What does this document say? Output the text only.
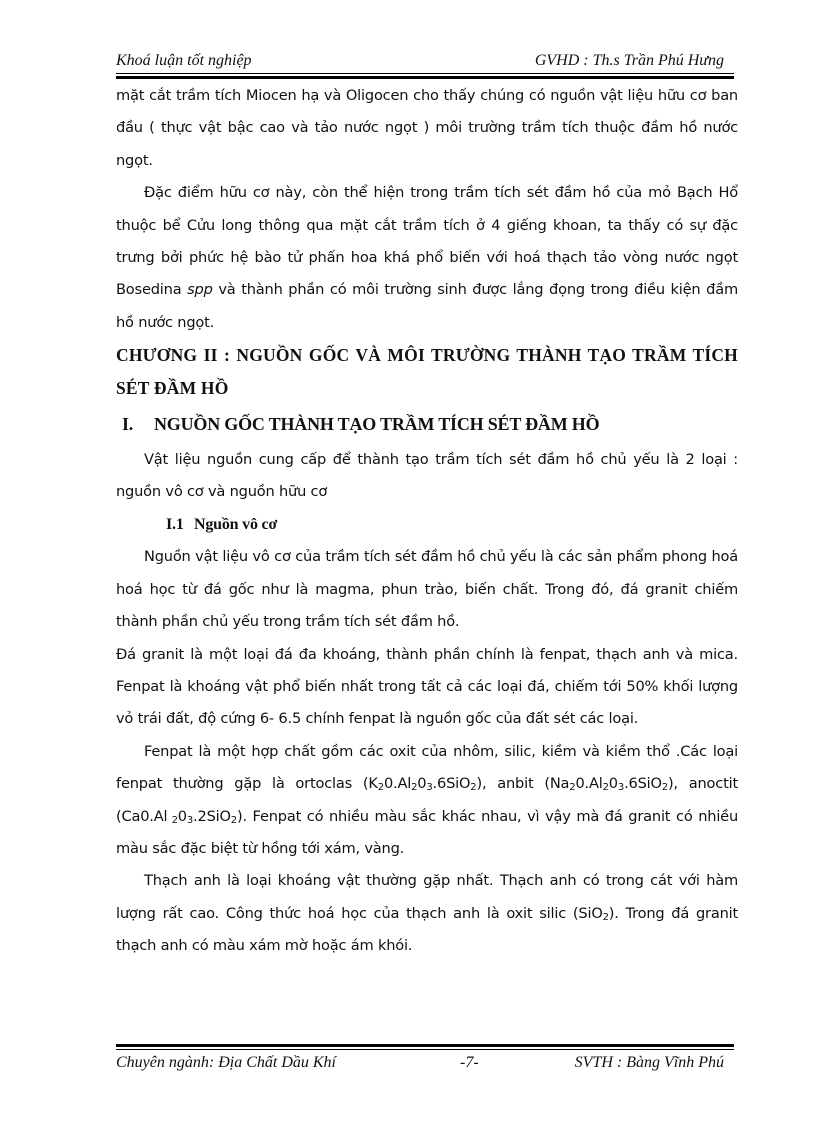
Khoá luận tốt nghiệp	GVHD : Th.s Trần Phú Hưng

mặt cắt trầm tích Miocen hạ và Oligocen cho thấy chúng có nguồn vật liệu hữu cơ ban đầu ( thực vật bậc cao và tảo nước ngọt ) môi trường trầm tích thuộc đầm hồ nước ngọt.

Đặc điểm hữu cơ này, còn thể hiện trong trầm tích sét đầm hồ của mỏ Bạch Hổ thuộc bể Cửu long thông qua mặt cắt trầm tích ở 4 giếng khoan, ta thấy có sự đặc trưng bởi phức hệ bào tử phấn hoa khá phổ biến với hoá thạch tảo vòng nước ngọt Bosedina spp và thành phần có môi trường sinh được lắng đọng trong điều kiện đầm hồ nước ngọt.

CHƯƠNG II : NGUỒN GỐC VÀ MÔI TRƯỜNG THÀNH TẠO TRẦM TÍCH SÉT ĐẦM HỒ

I. NGUỒN GỐC THÀNH TẠO TRẦM TÍCH SÉT ĐẦM HỒ

Vật liệu nguồn cung cấp để thành tạo trầm tích sét đầm hồ chủ yếu là 2 loại : nguồn vô cơ và nguồn hữu cơ

I.1 Nguồn vô cơ

Nguồn vật liệu vô cơ của trầm tích sét đầm hồ chủ yếu là các sản phẩm phong hoá hoá học từ đá gốc như là magma, phun trào, biến chất. Trong đó, đá granit chiếm thành phần chủ yếu trong trầm tích sét đầm hồ.

Đá granit là một loại đá đa khoáng, thành phần chính là fenpat, thạch anh và mica. Fenpat là khoáng vật phổ biến nhất trong tất cả các loại đá, chiếm tới 50% khối lượng vỏ trái đất, độ cứng 6- 6.5 chính fenpat là nguồn gốc của đất sét các loại.

Fenpat là một hợp chất gồm các oxit của nhôm, silic, kiềm và kiềm thổ .Các loại fenpat thường gặp là ortoclas $(K_20.Al_20_3.6SiO_2)$, anbit $(Na_20.Al_20_3.6SiO_2)$, anoctit (Ca0.Al $_20_3.2SiO_2$). Fenpat có nhiều màu sắc khác nhau, vì vậy mà đá granit có nhiều màu sắc đặc biệt từ hồng tới xám, vàng.

Thạch anh là loại khoáng vật thường gặp nhất. Thạch anh có trong cát với hàm lượng rất cao. Công thức hoá học của thạch anh là oxit silic (SiO$_2$). Trong đá granit thạch anh có màu xám mờ hoặc ám khói.

Chuyên ngành: Địa Chất Dầu Khí	-7-	SVTH : Bàng Vĩnh Phú
